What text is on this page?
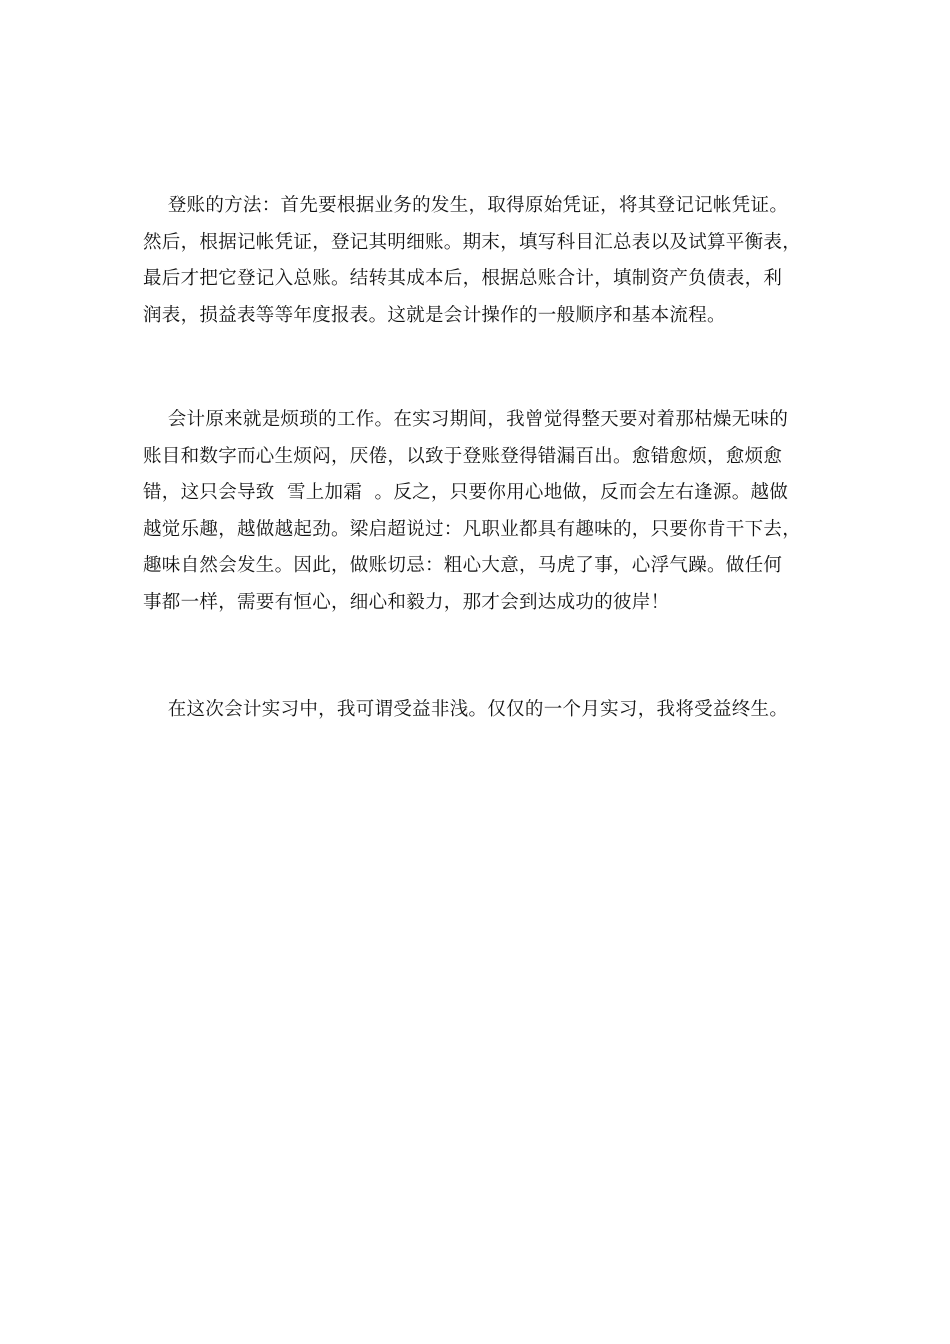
登账的方法：首先要根据业务的发生，取得原始凭证，将其登记记帐凭证。
然后，根据记帐凭证，登记其明细账。期末，填写科目汇总表以及试算平衡表，
最后才把它登记入总账。结转其成本后，根据总账合计，填制资产负债表，利
润表，损益表等等年度报表。这就是会计操作的一般顺序和基本流程。

会计原来就是烦琐的工作。在实习期间，我曾觉得整天要对着那枯燥无味的
账目和数字而心生烦闷，厌倦，以致于登账登得错漏百出。愈错愈烦，愈烦愈
错，这只会导致  雪上加霜  。反之，只要你用心地做，反而会左右逢源。越做
越觉乐趣，越做越起劲。梁启超说过：凡职业都具有趣味的，只要你肯干下去，
趣味自然会发生。因此，做账切忌：粗心大意，马虎了事，心浮气躁。做任何
事都一样，需要有恒心，细心和毅力，那才会到达成功的彼岸！

在这次会计实习中，我可谓受益非浅。仅仅的一个月实习，我将受益终生。
